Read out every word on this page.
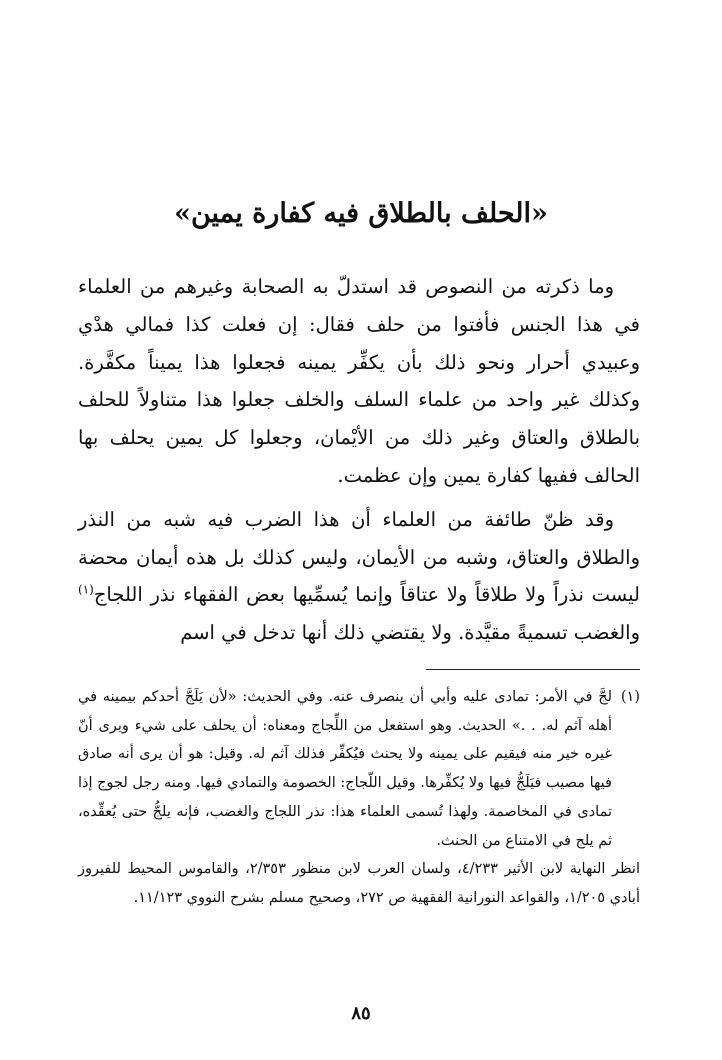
«الحلف بالطلاق فيه كفارة يمين»

وما ذكرته من النصوص قد استدلّ به الصحابة وغيرهم من العلماء في هذا الجنس فأفتوا من حلف فقال: إن فعلت كذا فمالي هدْي وعبيدي أحرار ونحو ذلك بأن يكفِّر يمينه فجعلوا هذا يميناً مكفَّرة. وكذلك غير واحد من علماء السلف والخلف جعلوا هذا متناولاً للحلف بالطلاق والعتاق وغير ذلك من الأيْمان، وجعلوا كل يمين يحلف بها الحالف ففيها كفارة يمين وإن عظمت.

وقد ظنّ طائفة من العلماء أن هذا الضرب فيه شبه من النذر والطلاق والعتاق، وشبه من الأيمان، وليس كذلك بل هذه أيمان محضة ليست نذراً ولا طلاقاً ولا عتاقاً وإنما يُسمِّيها بعض الفقهاء نذر اللجاج$^{(١)}$ والغضب تسميةً مقيَّدة. ولا يقتضي ذلك أنها تدخل في اسم

(١)
لجَّ في الأمر: تمادى عليه وأبي أن ينصرف عنه. وفي الحديث: «لأن يَلَجَّ أحدكم بيمينه في أهله آثم له. . .» الحديث. وهو استفعل من اللِّجاج ومعناه: أن يحلف على شيء ويرى أنّ غيره خير منه فيقيم على يمينه ولا يحنث فيُكفِّر فذلك آثم له. وقيل: هو أن يرى أنه صادق فيها مصيب فيَلَجُّ فيها ولا يُكفِّرها. وقيل اللّجاج: الخصومة والتمادي فيها. ومنه رجل لجوج إذا تمادى في المخاصمة. ولهذا تُسمى العلماء هذا: نذر اللجاج والغضب، فإنه يلجُّ حتى يُعقِّده، ثم يلج في الامتناع من الحنث.

انظر النهاية لابن الأثير ٤/٢٣٣، ولسان العرب لابن منظور ٢/٣٥٣، والقاموس المحيط للفيروز أبادي ١/٢٠٥، والقواعد النورانية الفقهية ص ٢٧٢، وصحيح مسلم بشرح النووي ١١/١٢٣.

٨٥
